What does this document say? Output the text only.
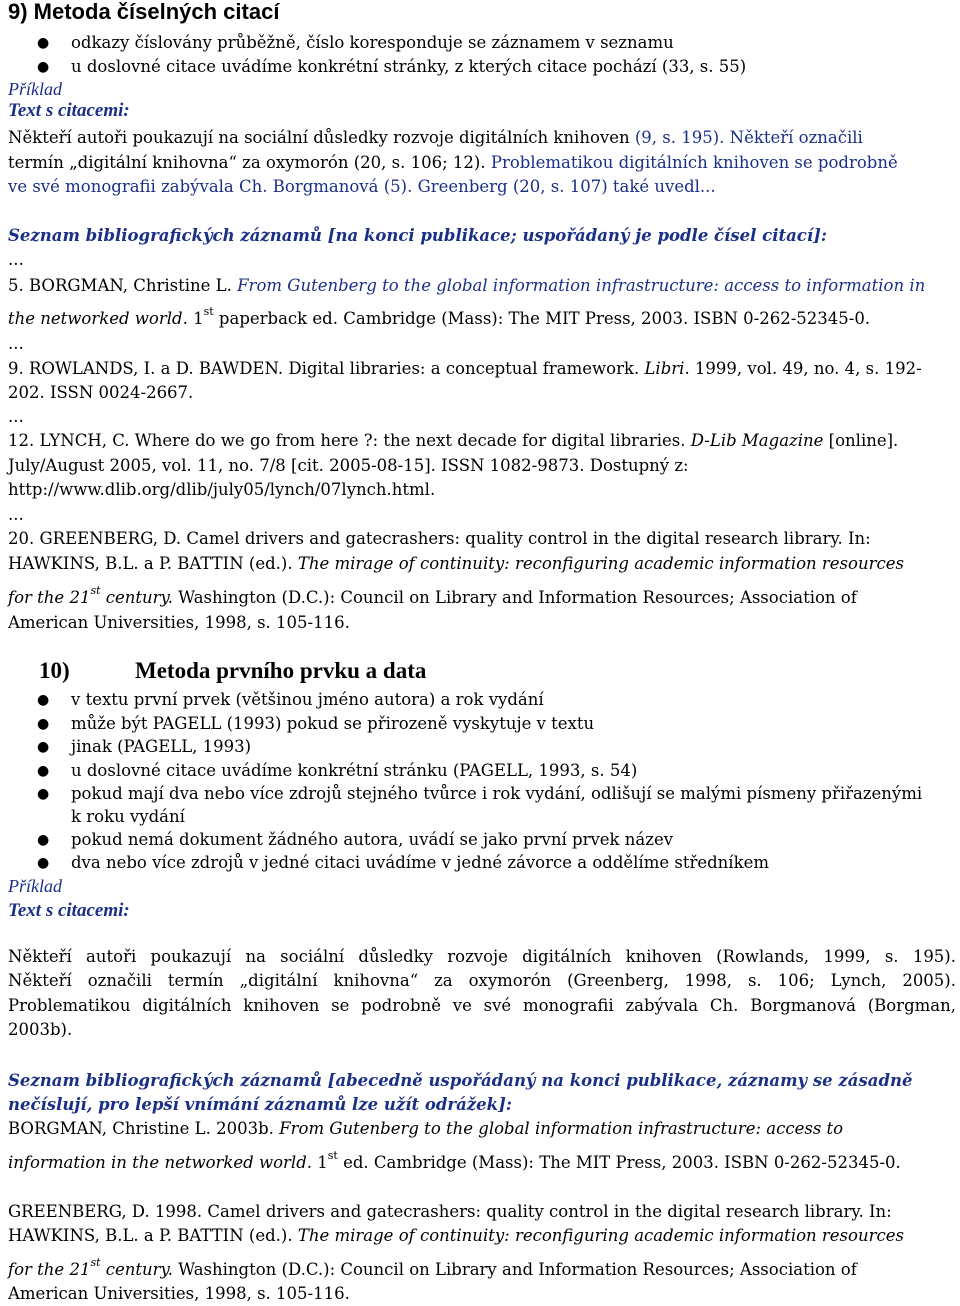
9) Metoda číselných citací
● odkazy číslovány průběžně, číslo koresponduje se záznamem v seznamu
● u doslovné citace uvádíme konkrétní stránky, z kterých citace pochází (33, s. 55)
Příklad
Text s citacemi:
Někteří autoři poukazují na sociální důsledky rozvoje digitálních knihoven (9, s. 195). Někteří označili
termín „digitální knihovna“ za oxymorón (20, s. 106; 12). Problematikou digitálních knihoven se podrobně
ve své monografii zabývala Ch. Borgmanová (5). Greenberg (20, s. 107) také uvedl...
Seznam bibliografických záznamů [na konci publikace; uspořádaný je podle čísel citací]:
...
5. BORGMAN, Christine L. From Gutenberg to the global information infrastructure: access to information in
the networked world. 1st paperback ed. Cambridge (Mass): The MIT Press, 2003. ISBN 0-262-52345-0.
...
9. ROWLANDS, I. a D. BAWDEN. Digital libraries: a conceptual framework. Libri. 1999, vol. 49, no. 4, s. 192-
202. ISSN 0024-2667.
...
12. LYNCH, C. Where do we go from here ?: the next decade for digital libraries. D-Lib Magazine [online].
July/August 2005, vol. 11, no. 7/8 [cit. 2005-08-15]. ISSN 1082-9873. Dostupný z:
http://www.dlib.org/dlib/july05/lynch/07lynch.html.
...
20. GREENBERG, D. Camel drivers and gatecrashers: quality control in the digital research library. In:
HAWKINS, B.L. a P. BATTIN (ed.). The mirage of continuity: reconfiguring academic information resources
for the 21st century. Washington (D.C.): Council on Library and Information Resources; Association of
American Universities, 1998, s. 105-116.
10)	Metoda prvního prvku a data
● v textu první prvek (většinou jméno autora) a rok vydání
● může být PAGELL (1993) pokud se přirozeně vyskytuje v textu
● jinak (PAGELL, 1993)
● u doslovné citace uvádíme konkrétní stránku (PAGELL, 1993, s. 54)
● pokud mají dva nebo více zdrojů stejného tvůrce i rok vydání, odlišují se malými písmeny přiřazenými
k roku vydání
● pokud nemá dokument žádného autora, uvádí se jako první prvek název
● dva nebo více zdrojů v jedné citaci uvádíme v jedné závorce a oddělíme středníkem
Příklad
Text s citacemi:
Někteří autoři poukazují na sociální důsledky rozvoje digitálních knihoven (Rowlands, 1999, s. 195).
Někteří označili termín „digitální knihovna“ za oxymorón (Greenberg, 1998, s. 106; Lynch, 2005).
Problematikou digitálních knihoven se podrobně ve své monografii zabývala Ch. Borgmanová (Borgman,
2003b).
Seznam bibliografických záznamů [abecedně uspořádaný na konci publikace, záznamy se zásadně
nečíslují, pro lepší vnímání záznamů lze užít odrážek]:
BORGMAN, Christine L. 2003b. From Gutenberg to the global information infrastructure: access to
information in the networked world. 1st ed. Cambridge (Mass): The MIT Press, 2003. ISBN 0-262-52345-0.
GREENBERG, D. 1998. Camel drivers and gatecrashers: quality control in the digital research library. In:
HAWKINS, B.L. a P. BATTIN (ed.). The mirage of continuity: reconfiguring academic information resources
for the 21st century. Washington (D.C.): Council on Library and Information Resources; Association of
American Universities, 1998, s. 105-116.
